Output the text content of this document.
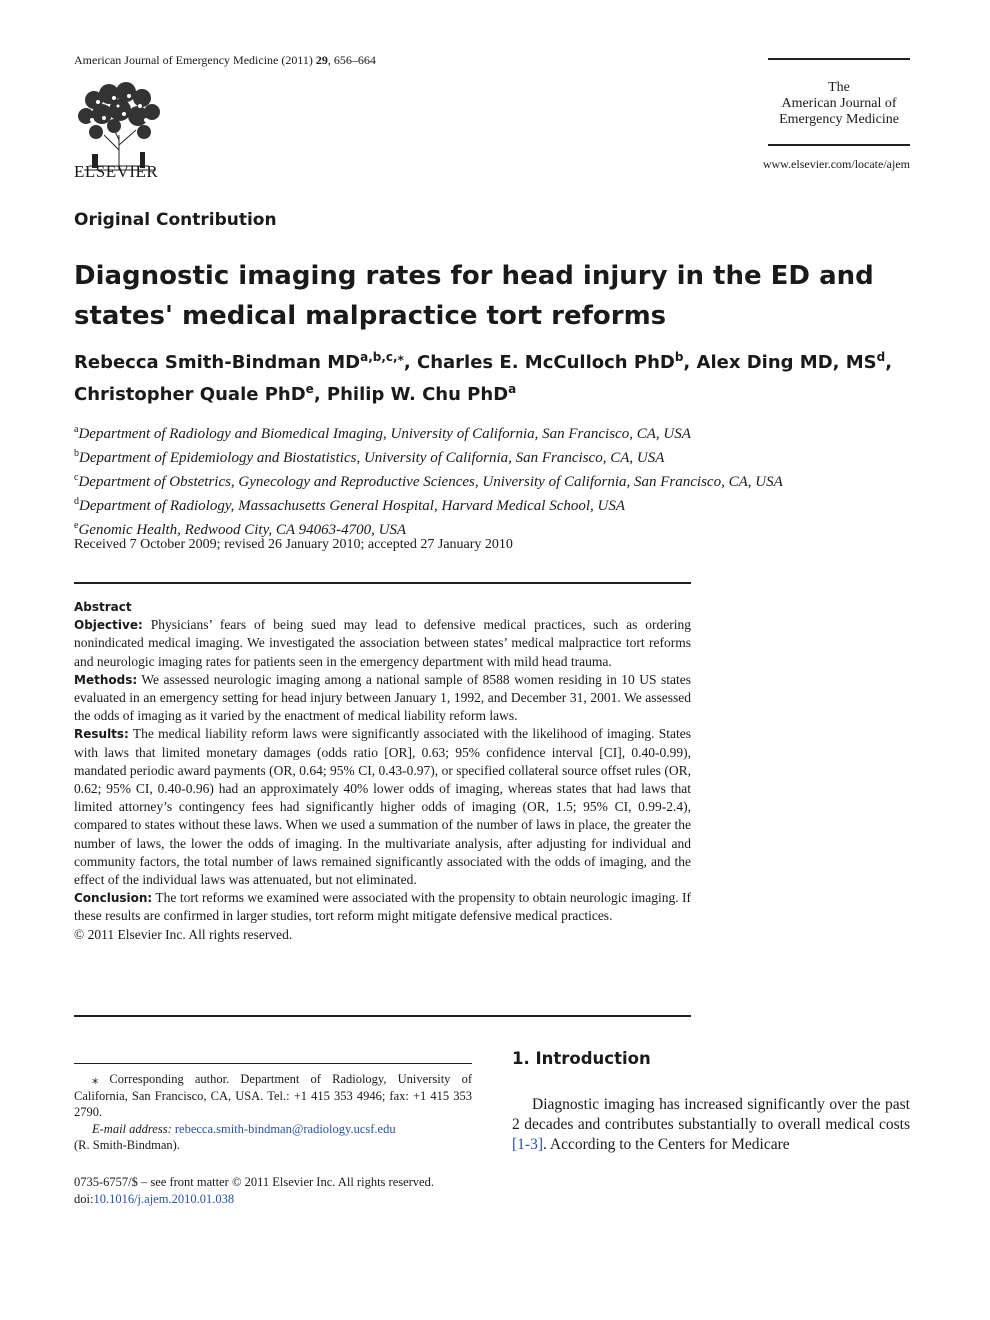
American Journal of Emergency Medicine (2011) 29, 656–664
ELSEVIER
The
American Journal of
Emergency Medicine
www.elsevier.com/locate/ajem
Original Contribution
Diagnostic imaging rates for head injury in the ED and states' medical malpractice tort reforms
Rebecca Smith-Bindman $MD^{a,b,c,⁎}$, Charles E. McCulloch PhD$^b$, Alex Ding MD, $MS^d$,
Christopher Quale PhD$^e$, Philip W. Chu PhD$^a$
$^a$Department of Radiology and Biomedical Imaging, University of California, San Francisco, CA, USA
$^b$Department of Epidemiology and Biostatistics, University of California, San Francisco, CA, USA
$^c$Department of Obstetrics, Gynecology and Reproductive Sciences, University of California, San Francisco, CA, USA
$^d$Department of Radiology, Massachusetts General Hospital, Harvard Medical School, USA
$^e$Genomic Health, Redwood City, CA 94063-4700, USA
Received 7 October 2009; revised 26 January 2010; accepted 27 January 2010

Abstract

Objective: Physicians’ fears of being sued may lead to defensive medical practices, such as ordering nonindicated medical imaging. We investigated the association between states’ medical malpractice tort reforms and neurologic imaging rates for patients seen in the emergency department with mild head trauma.

Methods: We assessed neurologic imaging among a national sample of 8588 women residing in 10 US states evaluated in an emergency setting for head injury between January 1, 1992, and December 31, 2001. We assessed the odds of imaging as it varied by the enactment of medical liability reform laws.

Results: The medical liability reform laws were significantly associated with the likelihood of imaging. States with laws that limited monetary damages (odds ratio [OR], 0.63; 95% confidence interval [CI], 0.40-0.99), mandated periodic award payments (OR, 0.64; 95% CI, 0.43-0.97), or specified collateral source offset rules (OR, 0.62; 95% CI, 0.40-0.96) had an approximately 40% lower odds of imaging, whereas states that had laws that limited attorney’s contingency fees had significantly higher odds of imaging (OR, 1.5; 95% CI, 0.99-2.4), compared to states without these laws. When we used a summation of the number of laws in place, the greater the number of laws, the lower the odds of imaging. In the multivariate analysis, after adjusting for individual and community factors, the total number of laws remained significantly associated with the odds of imaging, and the effect of the individual laws was attenuated, but not eliminated.

Conclusion: The tort reforms we examined were associated with the propensity to obtain neurologic imaging. If these results are confirmed in larger studies, tort reform might mitigate defensive medical practices.

© 2011 Elsevier Inc. All rights reserved.

⁎ Corresponding author. Department of Radiology, University of California, San Francisco, CA, USA. Tel.: +1 415 353 4946; fax: +1 415 353 2790.

E-mail address: rebecca.smith-bindman@radiology.ucsf.edu

(R. Smith-Bindman).

0735-6757/$ – see front matter © 2011 Elsevier Inc. All rights reserved.

doi:10.1016/j.ajem.2010.01.038

1. Introduction
Diagnostic imaging has increased significantly over the past 2 decades and contributes substantially to overall medical costs [1-3]. According to the Centers for Medicare
